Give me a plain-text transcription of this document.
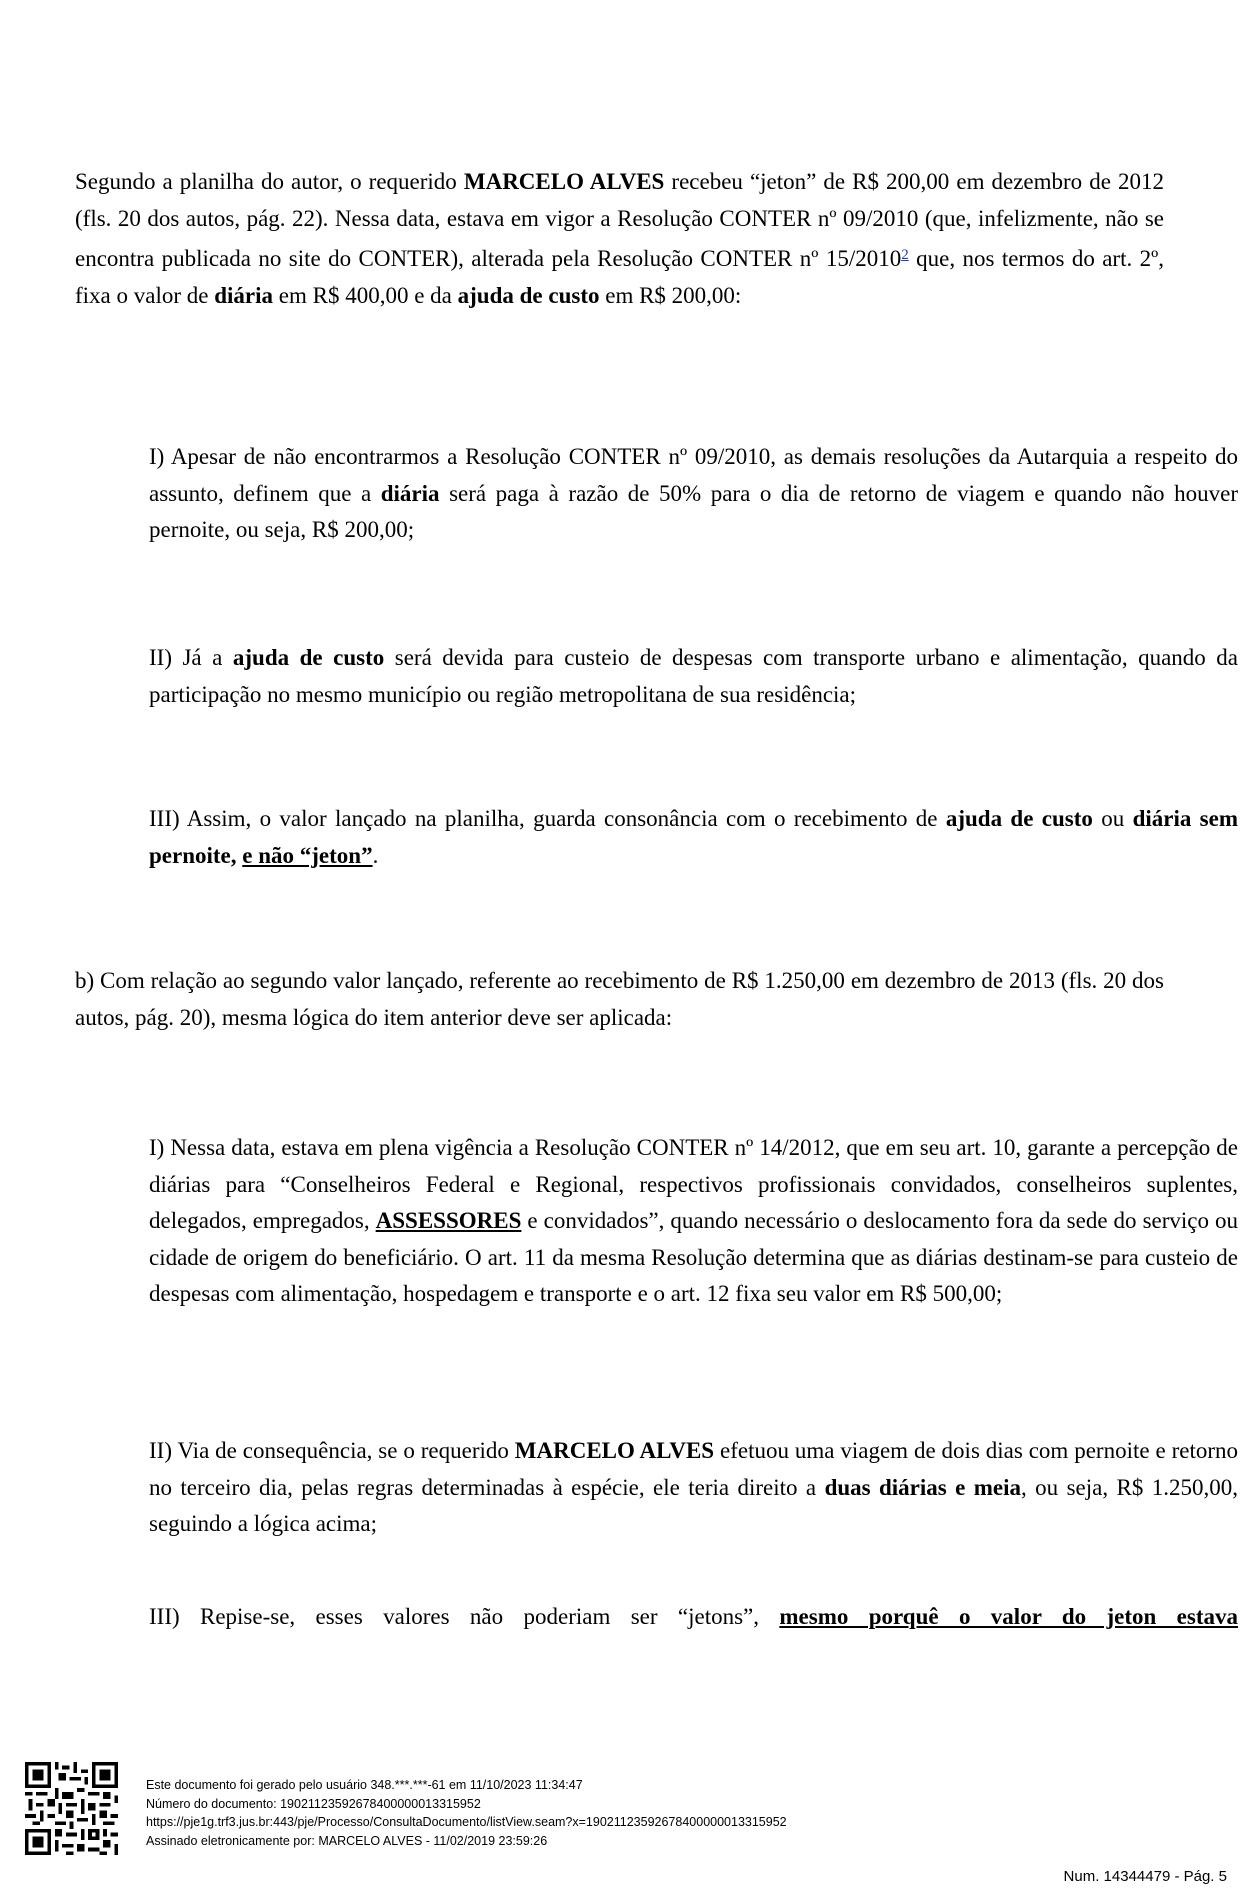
Segundo a planilha do autor, o requerido MARCELO ALVES recebeu “jeton” de R$ 200,00 em dezembro de 2012 (fls. 20 dos autos, pág. 22). Nessa data, estava em vigor a Resolução CONTER nº 09/2010 (que, infelizmente, não se encontra publicada no site do CONTER), alterada pela Resolução CONTER nº 15/2010$^2$ que, nos termos do art. 2º, fixa o valor de diária em R$ 400,00 e da ajuda de custo em R$ 200,00:

I) Apesar de não encontrarmos a Resolução CONTER nº 09/2010, as demais resoluções da Autarquia a respeito do assunto, definem que a diária será paga à razão de 50% para o dia de retorno de viagem e quando não houver pernoite, ou seja, R$ 200,00;

II) Já a ajuda de custo será devida para custeio de despesas com transporte urbano e alimentação, quando da participação no mesmo município ou região metropolitana de sua residência;

III) Assim, o valor lançado na planilha, guarda consonância com o recebimento de ajuda de custo ou diária sem pernoite, e não “jeton”.

b) Com relação ao segundo valor lançado, referente ao recebimento de R$ 1.250,00 em dezembro de 2013 (fls. 20 dos autos, pág. 20), mesma lógica do item anterior deve ser aplicada:

I) Nessa data, estava em plena vigência a Resolução CONTER nº 14/2012, que em seu art. 10, garante a percepção de diárias para “Conselheiros Federal e Regional, respectivos profissionais convidados, conselheiros suplentes, delegados, empregados, ASSESSORES e convidados”, quando necessário o deslocamento fora da sede do serviço ou cidade de origem do beneficiário. O art. 11 da mesma Resolução determina que as diárias destinam-se para custeio de despesas com alimentação, hospedagem e transporte e o art. 12 fixa seu valor em R$ 500,00;

II) Via de consequência, se o requerido MARCELO ALVES efetuou uma viagem de dois dias com pernoite e retorno no terceiro dia, pelas regras determinadas à espécie, ele teria direito a duas diárias e meia, ou seja, R$ 1.250,00, seguindo a lógica acima;

III) Repise-se, esses valores não poderiam ser “jetons”, mesmo porquê o valor do jeton estava

Este documento foi gerado pelo usuário 348.***.***-61 em 11/10/2023 11:34:47
Número do documento: 19021123592678400000013315952
https://pje1g.trf3.jus.br:443/pje/Processo/ConsultaDocumento/listView.seam?x=19021123592678400000013315952
Assinado eletronicamente por: MARCELO ALVES - 11/02/2019 23:59:26
Num. 14344479 - Pág. 5
